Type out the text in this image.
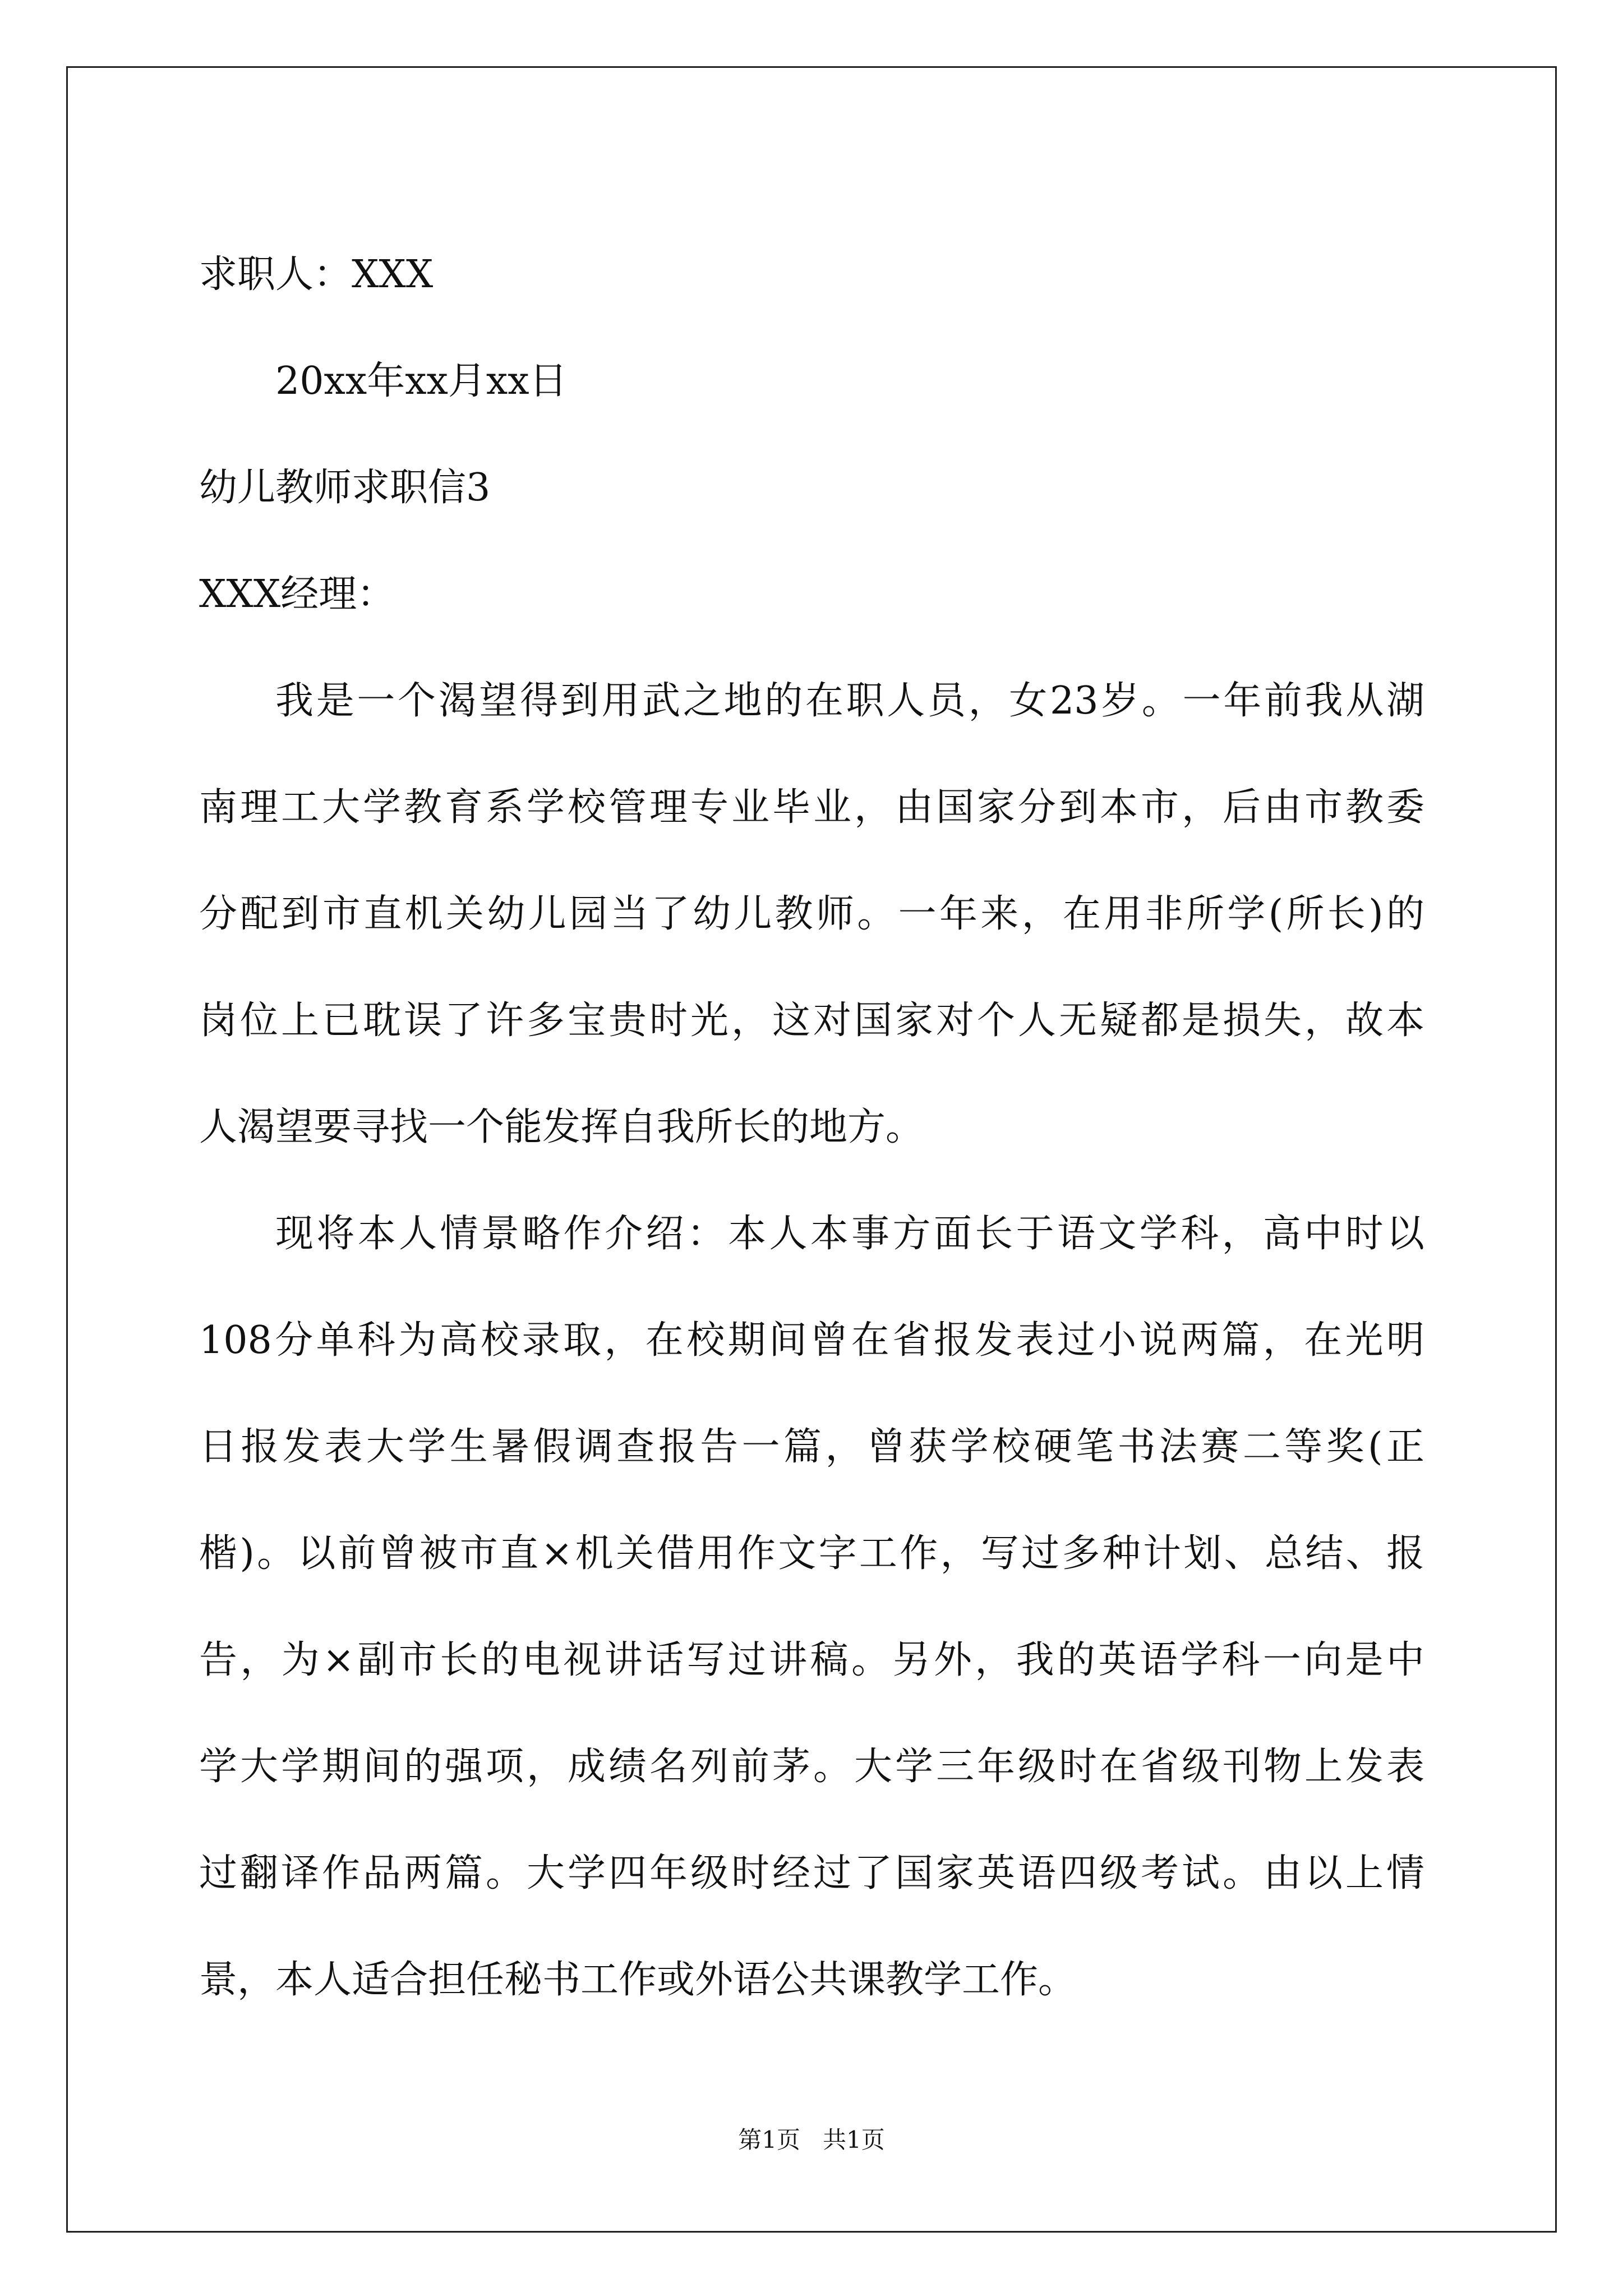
求职人：XXX
20xx年xx月xx日
幼儿教师求职信3
XXX经理：
我是一个渴望得到用武之地的在职人员，女23岁。一年前我从湖
南理工大学教育系学校管理专业毕业，由国家分到本市，后由市教委
分配到市直机关幼儿园当了幼儿教师。一年来，在用非所学(所长)的
岗位上已耽误了许多宝贵时光，这对国家对个人无疑都是损失，故本
人渴望要寻找一个能发挥自我所长的地方。
现将本人情景略作介绍：本人本事方面长于语文学科，高中时以
108分单科为高校录取，在校期间曾在省报发表过小说两篇，在光明
日报发表大学生暑假调查报告一篇，曾获学校硬笔书法赛二等奖(正
楷)。以前曾被市直×机关借用作文字工作，写过多种计划、总结、报
告，为×副市长的电视讲话写过讲稿。另外，我的英语学科一向是中
学大学期间的强项，成绩名列前茅。大学三年级时在省级刊物上发表
过翻译作品两篇。大学四年级时经过了国家英语四级考试。由以上情
景，本人适合担任秘书工作或外语公共课教学工作。
第1页   共1页
